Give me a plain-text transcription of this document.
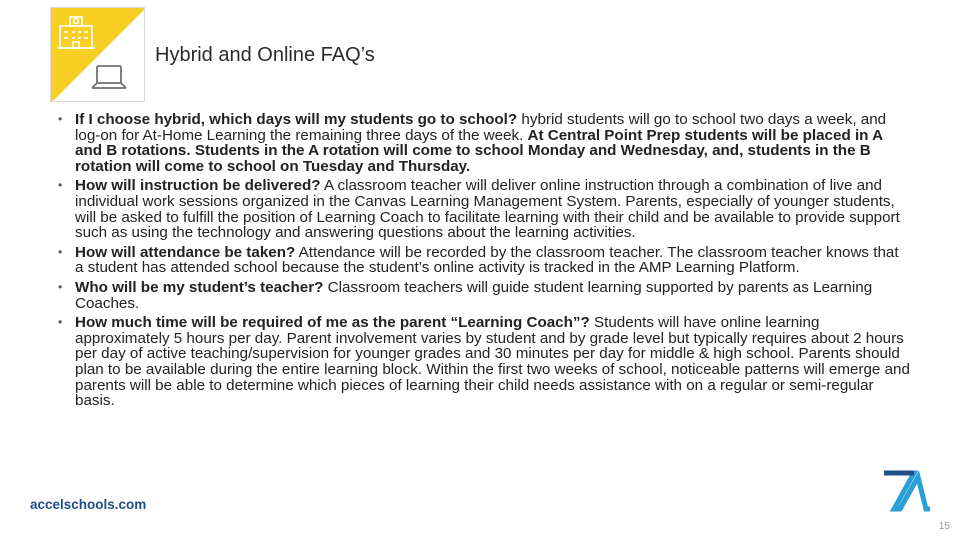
Hybrid and Online FAQ’s
• If I choose hybrid, which days will my students go to school? hybrid students will go to school two days a week, and log-on for At-Home Learning the remaining three days of the week. At Central Point Prep students will be placed in A and B rotations. Students in the A rotation will come to school Monday and Wednesday, and, students in the B rotation will come to school on Tuesday and Thursday.
• How will instruction be delivered? A classroom teacher will deliver online instruction through a combination of live and individual work sessions organized in the Canvas Learning Management System. Parents, especially of younger students, will be asked to fulfill the position of Learning Coach to facilitate learning with their child and be available to provide support such as using the technology and answering questions about the learning activities.
• How will attendance be taken? Attendance will be recorded by the classroom teacher. The classroom teacher knows that a student has attended school because the student’s online activity is tracked in the AMP Learning Platform.
• Who will be my student’s teacher? Classroom teachers will guide student learning supported by parents as Learning Coaches.
• How much time will be required of me as the parent “Learning Coach”? Students will have online learning approximately 5 hours per day. Parent involvement varies by student and by grade level but typically requires about 2 hours per day of active teaching/supervision for younger grades and 30 minutes per day for middle & high school. Parents should plan to be available during the entire learning block. Within the first two weeks of school, noticeable patterns will emerge and parents will be able to determine which pieces of learning their child needs assistance with on a regular or semi-regular basis.
accelschools.com
15
